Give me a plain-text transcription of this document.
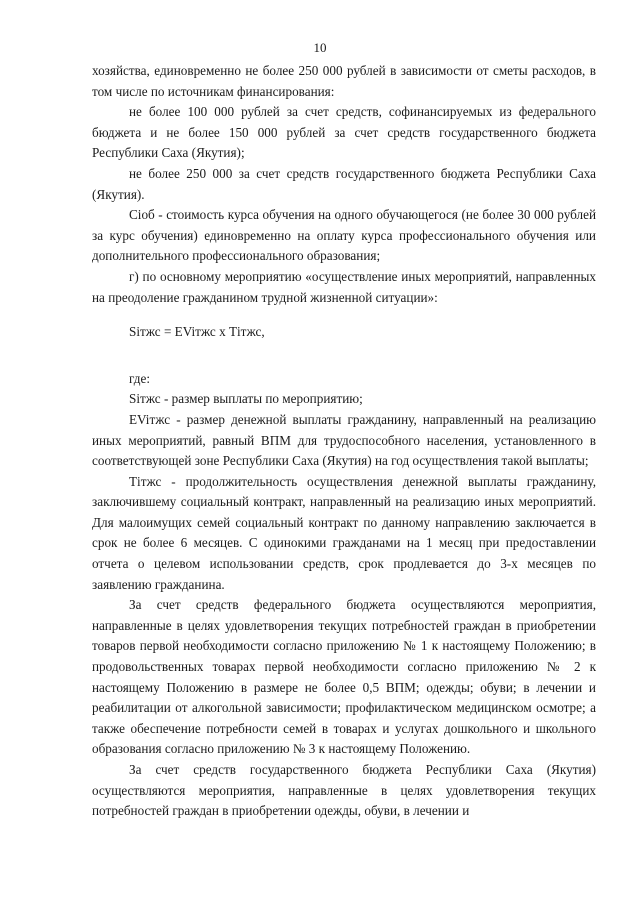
10

хозяйства, единовременно не более 250 000 рублей в зависимости от сметы расходов, в том числе по источникам финансирования:

не более 100 000 рублей за счет средств, софинансируемых из федерального бюджета и не более 150 000 рублей за счет средств государственного бюджета Республики Саха (Якутия);

не более 250 000 за счет средств государственного бюджета Республики Саха (Якутия).

Сioб - стоимость курса обучения на одного обучающегося (не более 30 000 рублей за курс обучения) единовременно на оплату курса профессионального обучения или дополнительного профессионального образования;

г) по основному мероприятию «осуществление иных мероприятий, направленных на преодоление гражданином трудной жизненной ситуации»:

Siтжс = EViтжс x Тiтжс,

где:

Siтжс - размер выплаты по мероприятию;

EViтжс - размер денежной выплаты гражданину, направленный на реализацию иных мероприятий, равный ВПМ для трудоспособного населения, установленного в соответствующей зоне Республики Саха (Якутия) на год осуществления такой выплаты;

Тiтжс - продолжительность осуществления денежной выплаты гражданину, заключившему социальный контракт, направленный на реализацию иных мероприятий. Для малоимущих семей социальный контракт по данному направлению заключается в срок не более 6 месяцев. С одинокими гражданами на 1 месяц при предоставлении отчета о целевом использовании средств, срок продлевается до 3-х месяцев по заявлению гражданина.

За счет средств федерального бюджета осуществляются мероприятия, направленные в целях удовлетворения текущих потребностей граждан в приобретении товаров первой необходимости согласно приложению № 1 к настоящему Положению; в продовольственных товарах первой необходимости согласно приложению № 2 к настоящему Положению в размере не более 0,5 ВПМ; одежды; обуви; в лечении и реабилитации от алкогольной зависимости; профилактическом медицинском осмотре; а также обеспечение потребности семей в товарах и услугах дошкольного и школьного образования согласно приложению № 3 к настоящему Положению.

За счет средств государственного бюджета Республики Саха (Якутия) осуществляются мероприятия, направленные в целях удовлетворения текущих потребностей граждан в приобретении одежды, обуви, в лечении и
